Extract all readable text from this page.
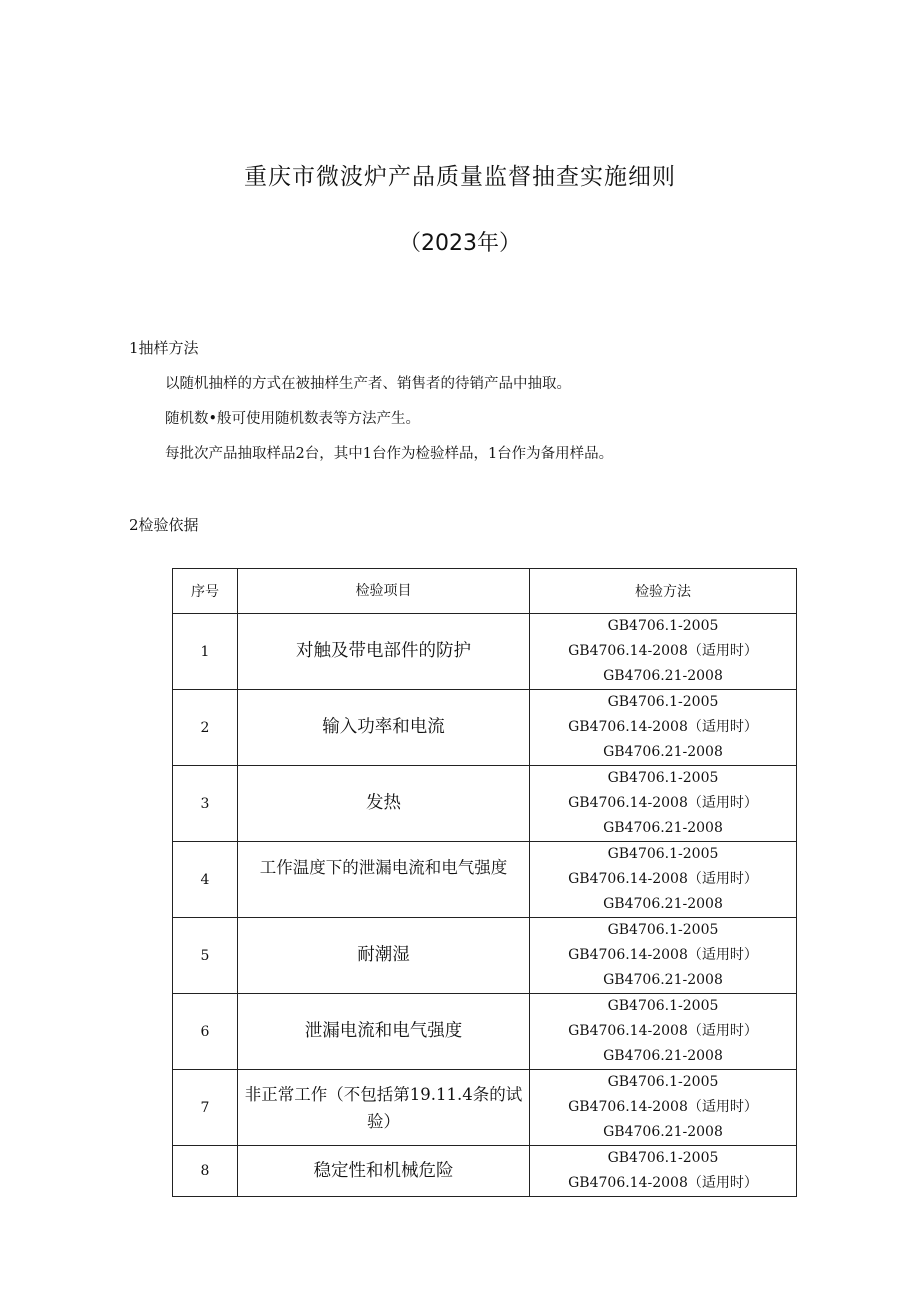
重庆市微波炉产品质量监督抽查实施细则
（2023年）
1抽样方法
以随机抽样的方式在被抽样生产者、销售者的待销产品中抽取。
随机数•般可使用随机数表等方法产生。
每批次产品抽取样品2台，其中1台作为检验样品，1台作为备用样品。
2检验依据
序号	检验项目	检验方法
1	对触及带电部件的防护	GB4706.1-2005
GB4706.14-2008（适用时）
GB4706.21-2008

2	输入功率和电流	GB4706.1-2005
GB4706.14-2008（适用时）
GB4706.21-2008

3	发热	GB4706.1-2005
GB4706.14-2008（适用时）
GB4706.21-2008

4	工作温度下的泄漏电流和电气强度	GB4706.1-2005
GB4706.14-2008（适用时）
GB4706.21-2008

5	耐潮湿	GB4706.1-2005
GB4706.14-2008（适用时）
GB4706.21-2008

6	泄漏电流和电气强度	GB4706.1-2005
GB4706.14-2008（适用时）
GB4706.21-2008

7	非正常工作（不包括第19.11.4条的试验）	GB4706.1-2005
GB4706.14-2008（适用时）
GB4706.21-2008

8	稳定性和机械危险	GB4706.1-2005
GB4706.14-2008（适用时）
